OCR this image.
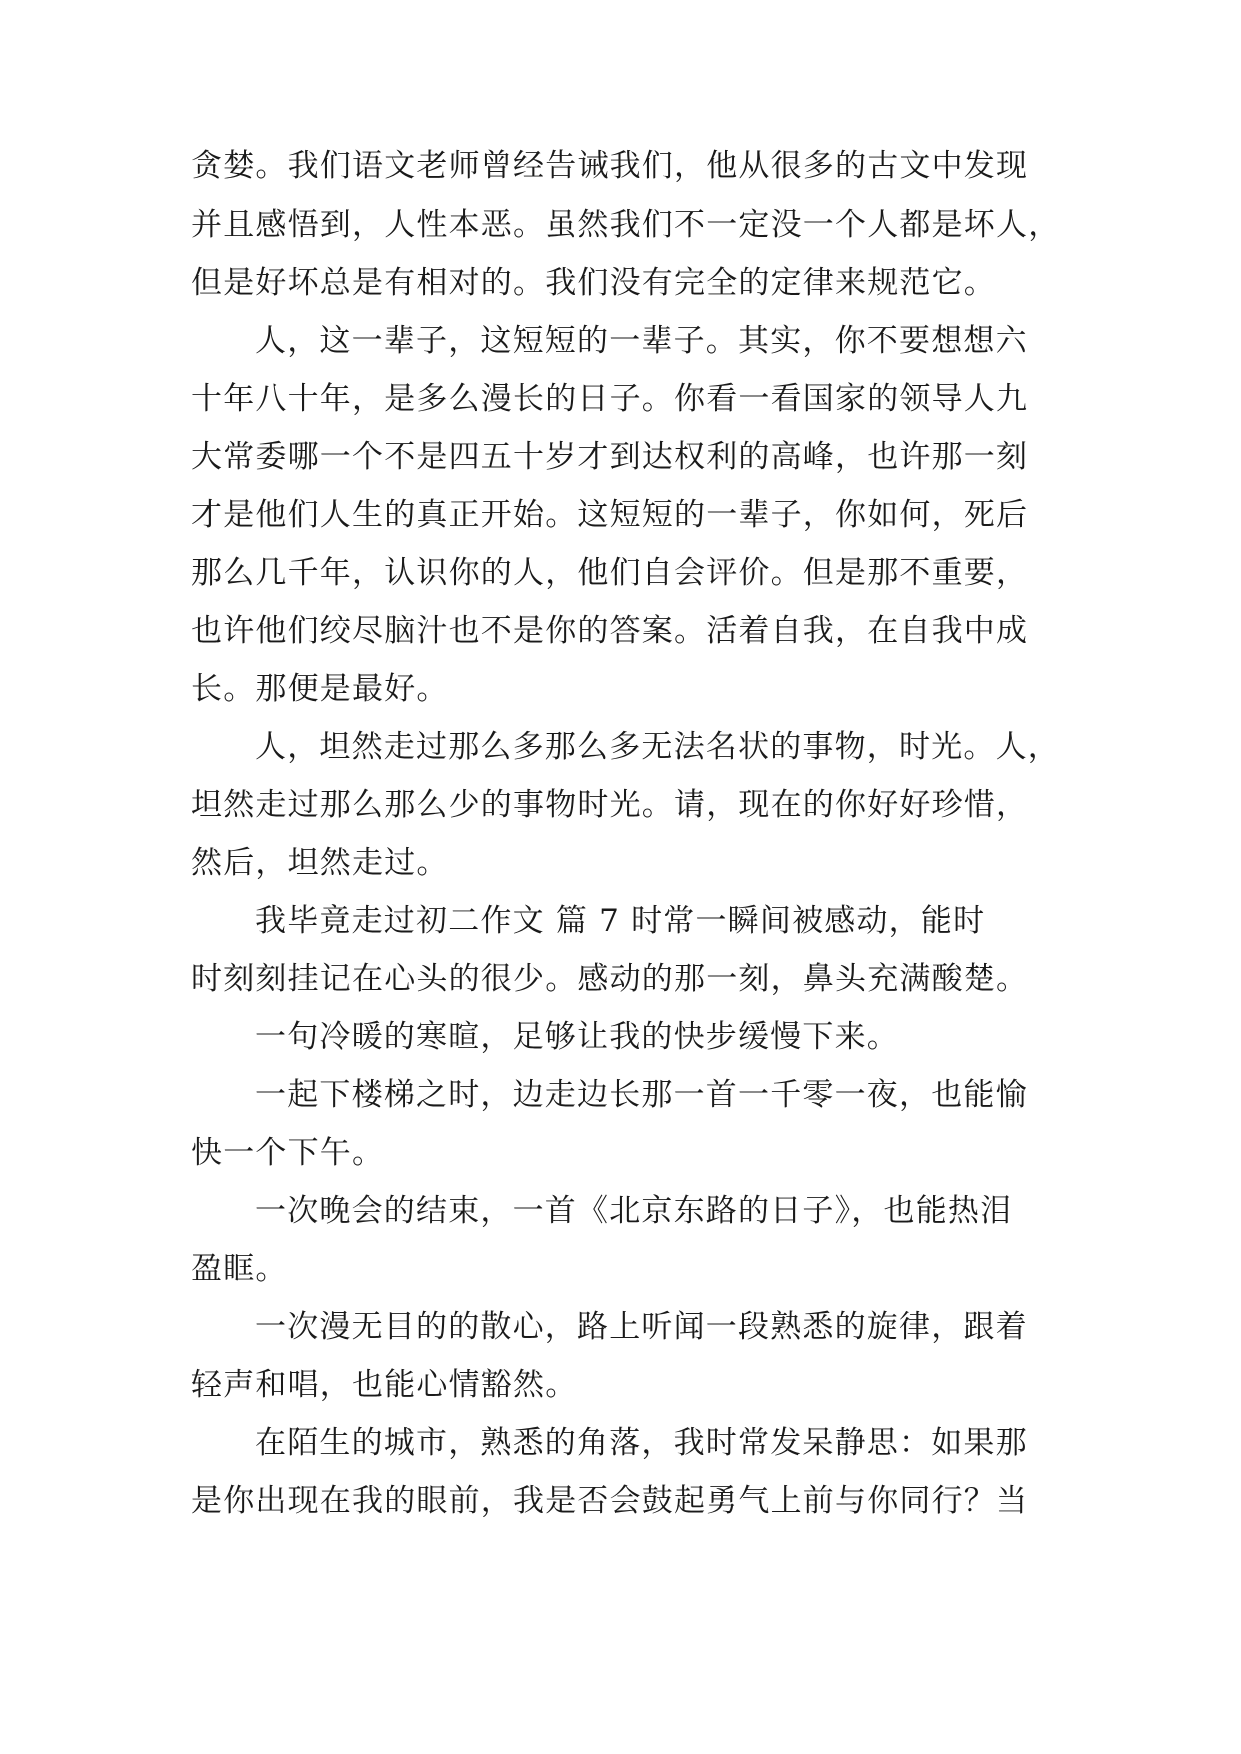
贪婪。我们语文老师曾经告诫我们，他从很多的古文中发现
并且感悟到，人性本恶。虽然我们不一定没一个人都是坏人，
但是好坏总是有相对的。我们没有完全的定律来规范它。
人，这一辈子，这短短的一辈子。其实，你不要想想六
十年八十年，是多么漫长的日子。你看一看国家的领导人九
大常委哪一个不是四五十岁才到达权利的高峰，也许那一刻
才是他们人生的真正开始。这短短的一辈子，你如何，死后
那么几千年，认识你的人，他们自会评价。但是那不重要，
也许他们绞尽脑汁也不是你的答案。活着自我，在自我中成
长。那便是最好。
人，坦然走过那么多那么多无法名状的事物，时光。人，
坦然走过那么那么少的事物时光。请，现在的你好好珍惜，
然后，坦然走过。
我毕竟走过初二作文 篇 7 时常一瞬间被感动，能时
时刻刻挂记在心头的很少。感动的那一刻，鼻头充满酸楚。
一句冷暖的寒暄，足够让我的快步缓慢下来。
一起下楼梯之时，边走边长那一首一千零一夜，也能愉
快一个下午。
一次晚会的结束，一首《北京东路的日子》，也能热泪
盈眶。
一次漫无目的的散心，路上听闻一段熟悉的旋律，跟着
轻声和唱，也能心情豁然。
在陌生的城市，熟悉的角落，我时常发呆静思：如果那
是你出现在我的眼前，我是否会鼓起勇气上前与你同行？当
